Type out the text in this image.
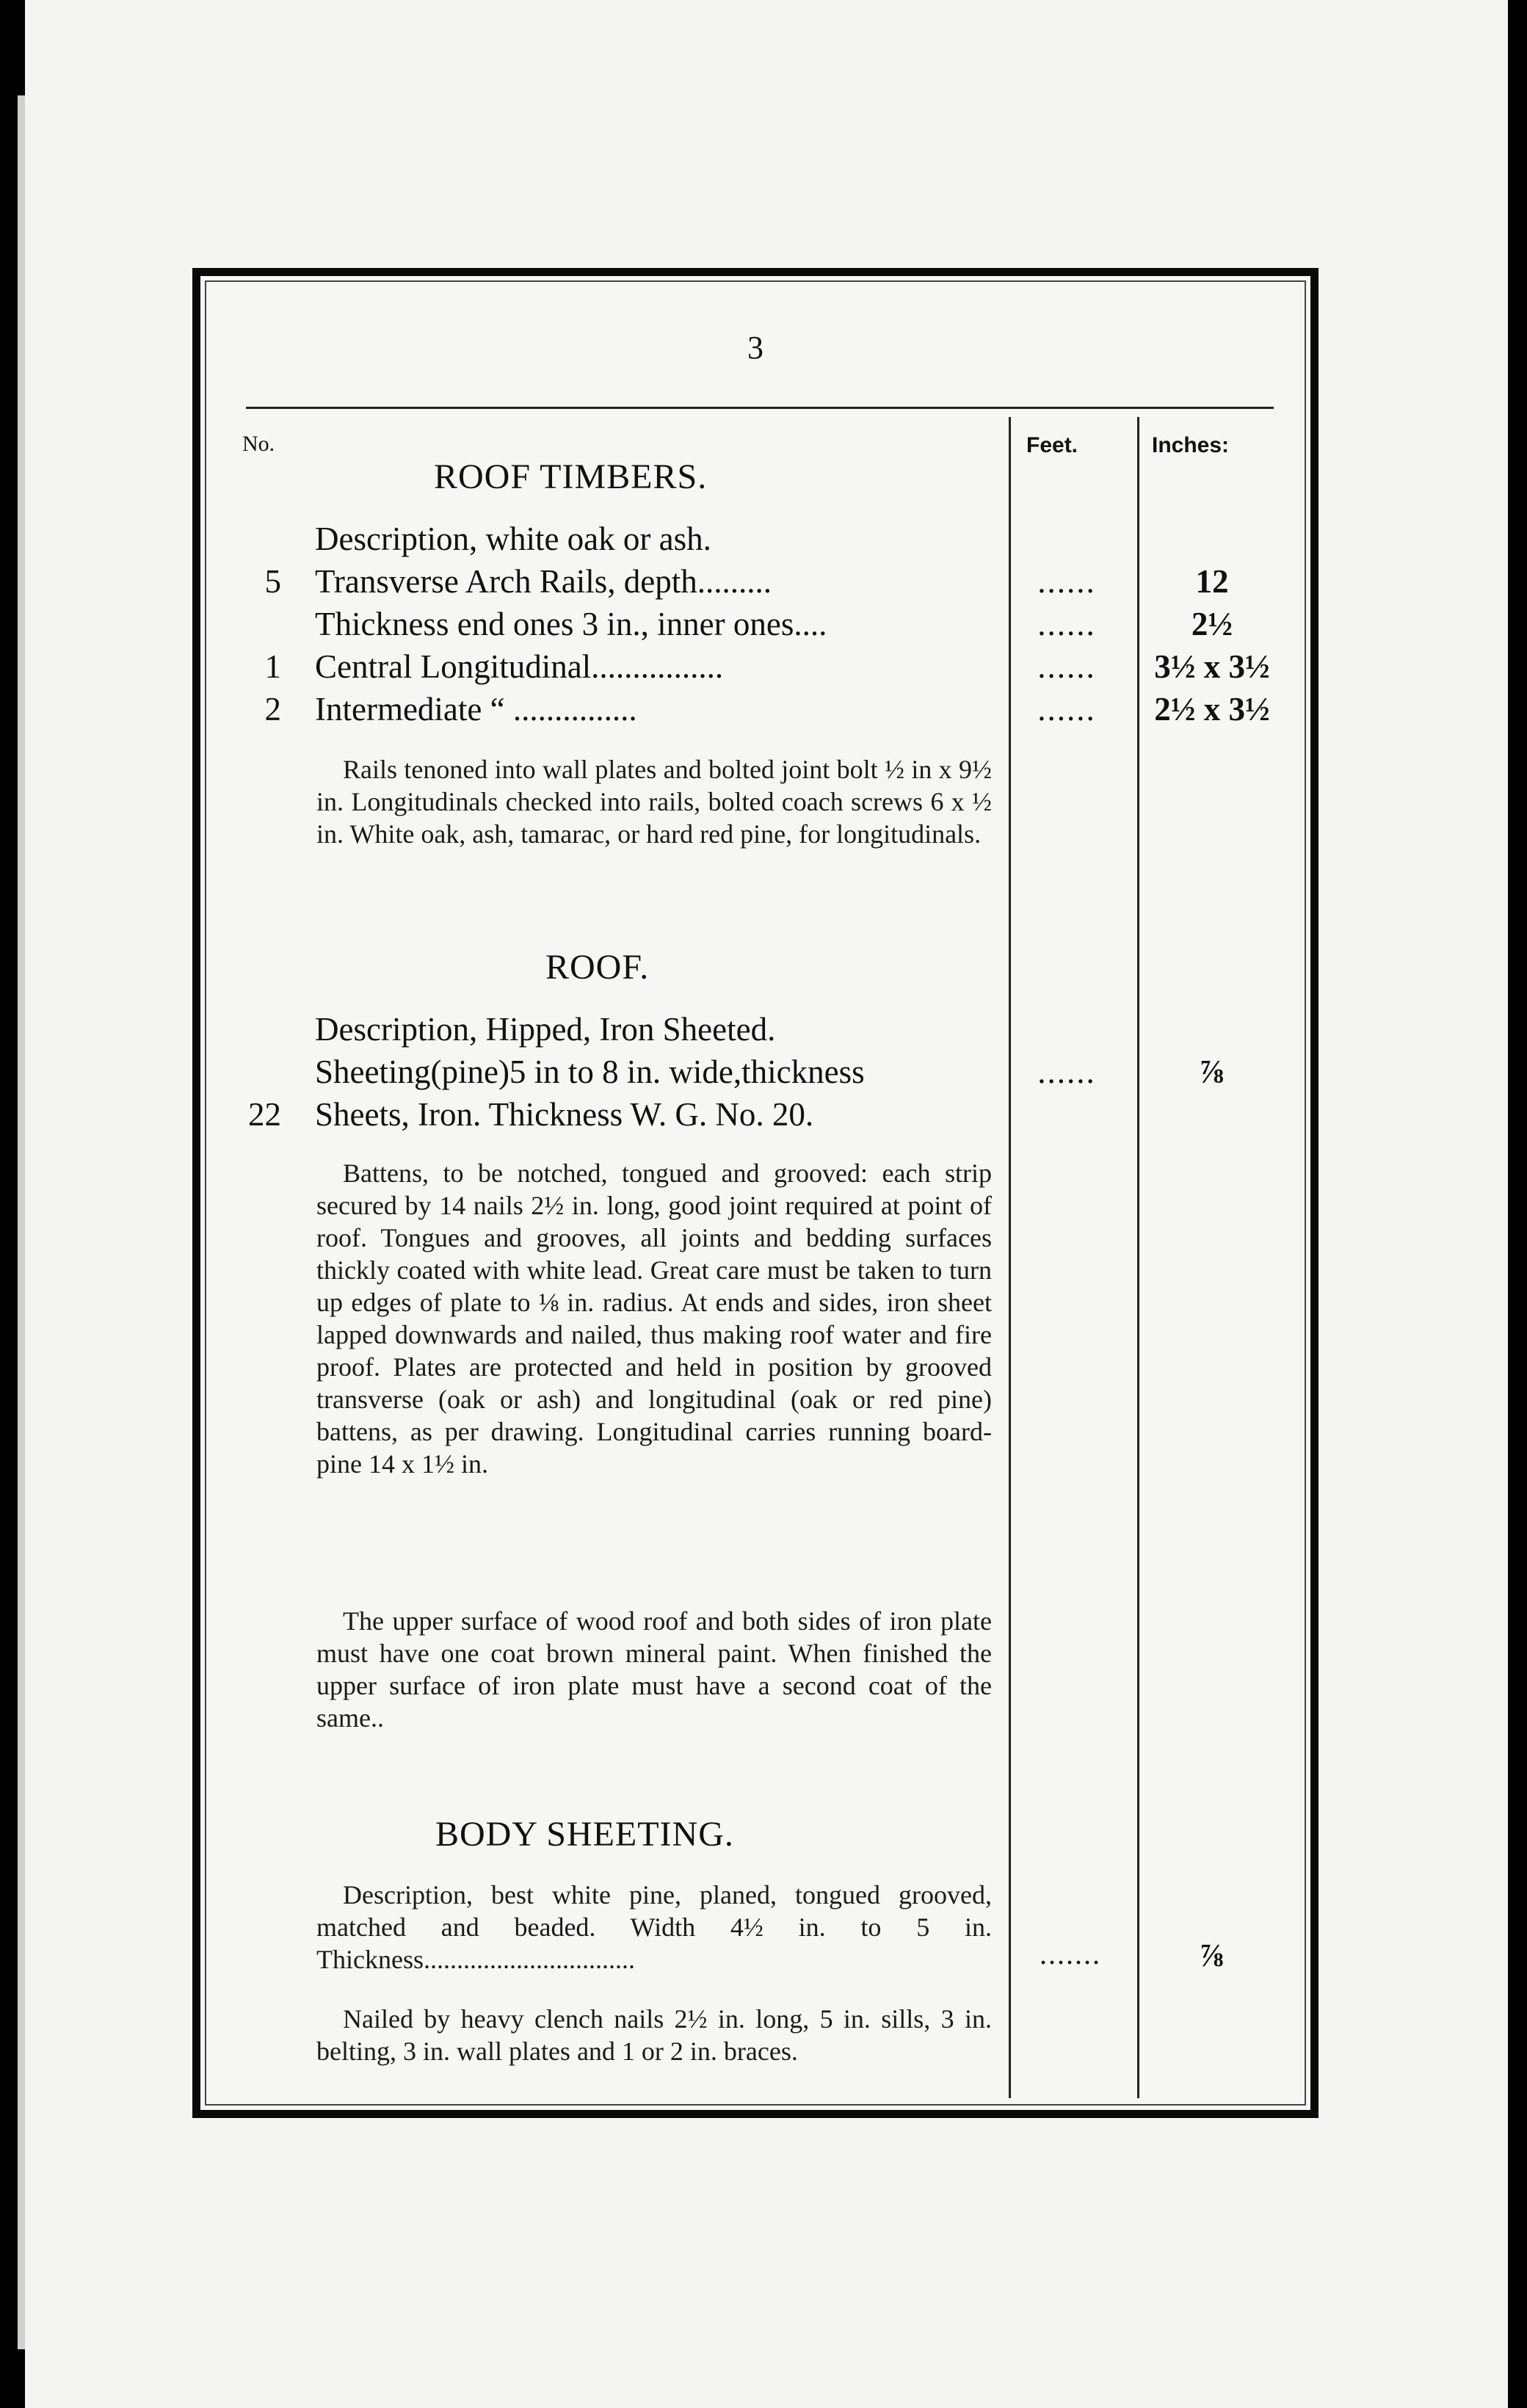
3
No.	Feet.	Inches:
ROOF TIMBERS.
Description, white oak or ash.
5 Transverse Arch Rails, depth.........	......	12
Thickness end ones 3 in., inner ones....	......	2½
1 Central Longitudinal................	......	3½ x 3½
2 Intermediate “ ...............	......	2½ x 3½

Rails tenoned into wall plates and bolted joint bolt ½ in x 9½ in. Longitudinals checked into rails, bolted coach screws 6 x ½ in. White oak, ash, tamarac, or hard red pine, for longitudinals.

ROOF.
Description, Hipped, Iron Sheeted.
Sheeting(pine)5 in to 8 in. wide,thickness	......	⅞
22 Sheets, Iron. Thickness W. G. No. 20.

Battens, to be notched, tongued and grooved: each strip secured by 14 nails 2½ in. long, good joint required at point of roof. Tongues and grooves, all joints and bedding surfaces thickly coated with white lead. Great care must be taken to turn up edges of plate to ⅛ in. radius. At ends and sides, iron sheet lapped downwards and nailed, thus making roof water and fire proof. Plates are protected and held in position by grooved transverse (oak or ash) and longitudinal (oak or red pine) battens, as per drawing. Longitudinal carries running board-pine 14 x 1½ in.

The upper surface of wood roof and both sides of iron plate must have one coat brown mineral paint. When finished the upper surface of iron plate must have a second coat of the same..

BODY SHEETING.

Description, best white pine, planed, tongued grooved, matched and beaded. Width 4½ in. to 5 in. Thickness................................	.......	⅞

Nailed by heavy clench nails 2½ in. long, 5 in. sills, 3 in. belting, 3 in. wall plates and 1 or 2 in. braces.
